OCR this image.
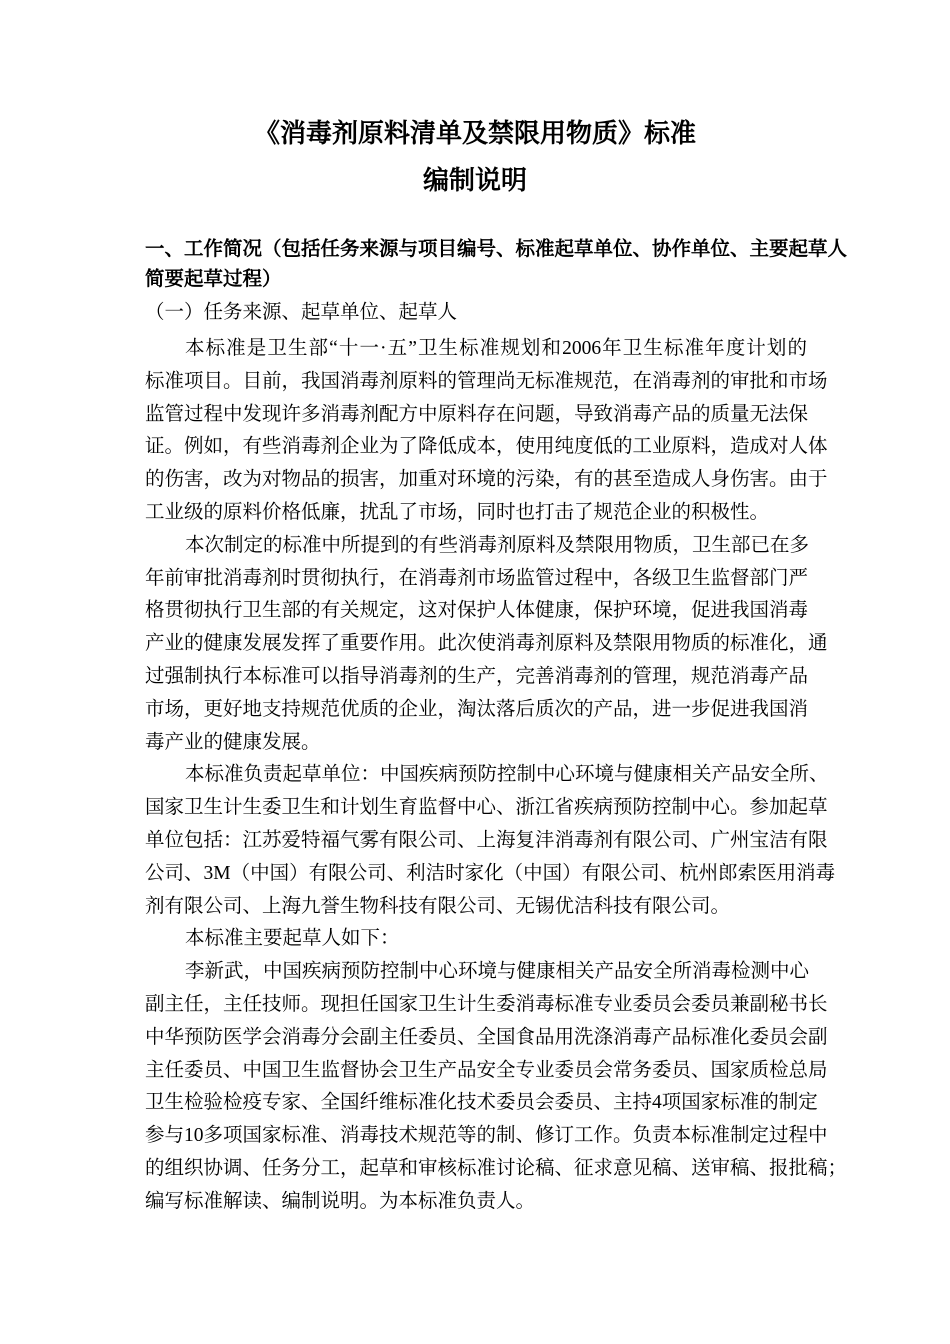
《消毒剂原料清单及禁限用物质》标准
编制说明
一、工作简况（包括任务来源与项目编号、标准起草单位、协作单位、主要起草人
简要起草过程）
（一）任务来源、起草单位、起草人
本标准是卫生部“十一·五”卫生标准规划和2006年卫生标准年度计划的
标准项目。目前，我国消毒剂原料的管理尚无标准规范，在消毒剂的审批和市场
监管过程中发现许多消毒剂配方中原料存在问题，导致消毒产品的质量无法保
证。例如，有些消毒剂企业为了降低成本，使用纯度低的工业原料，造成对人体
的伤害，改为对物品的损害，加重对环境的污染，有的甚至造成人身伤害。由于
工业级的原料价格低廉，扰乱了市场，同时也打击了规范企业的积极性。
本次制定的标准中所提到的有些消毒剂原料及禁限用物质，卫生部已在多
年前审批消毒剂时贯彻执行，在消毒剂市场监管过程中，各级卫生监督部门严
格贯彻执行卫生部的有关规定，这对保护人体健康，保护环境，促进我国消毒
产业的健康发展发挥了重要作用。此次使消毒剂原料及禁限用物质的标准化，通
过强制执行本标准可以指导消毒剂的生产，完善消毒剂的管理，规范消毒产品
市场，更好地支持规范优质的企业，淘汰落后质次的产品，进一步促进我国消
毒产业的健康发展。
本标准负责起草单位：中国疾病预防控制中心环境与健康相关产品安全所、
国家卫生计生委卫生和计划生育监督中心、浙江省疾病预防控制中心。参加起草
单位包括：江苏爱特福气雾有限公司、上海复沣消毒剂有限公司、广州宝洁有限
公司、3M（中国）有限公司、利洁时家化（中国）有限公司、杭州郎索医用消毒
剂有限公司、上海九誉生物科技有限公司、无锡优洁科技有限公司。
本标准主要起草人如下：
李新武，中国疾病预防控制中心环境与健康相关产品安全所消毒检测中心
副主任，主任技师。现担任国家卫生计生委消毒标准专业委员会委员兼副秘书长
中华预防医学会消毒分会副主任委员、全国食品用洗涤消毒产品标准化委员会副
主任委员、中国卫生监督协会卫生产品安全专业委员会常务委员、国家质检总局
卫生检验检疫专家、全国纤维标准化技术委员会委员、主持4项国家标准的制定
参与10多项国家标准、消毒技术规范等的制、修订工作。负责本标准制定过程中
的组织协调、任务分工，起草和审核标准讨论稿、征求意见稿、送审稿、报批稿；
编写标准解读、编制说明。为本标准负责人。
